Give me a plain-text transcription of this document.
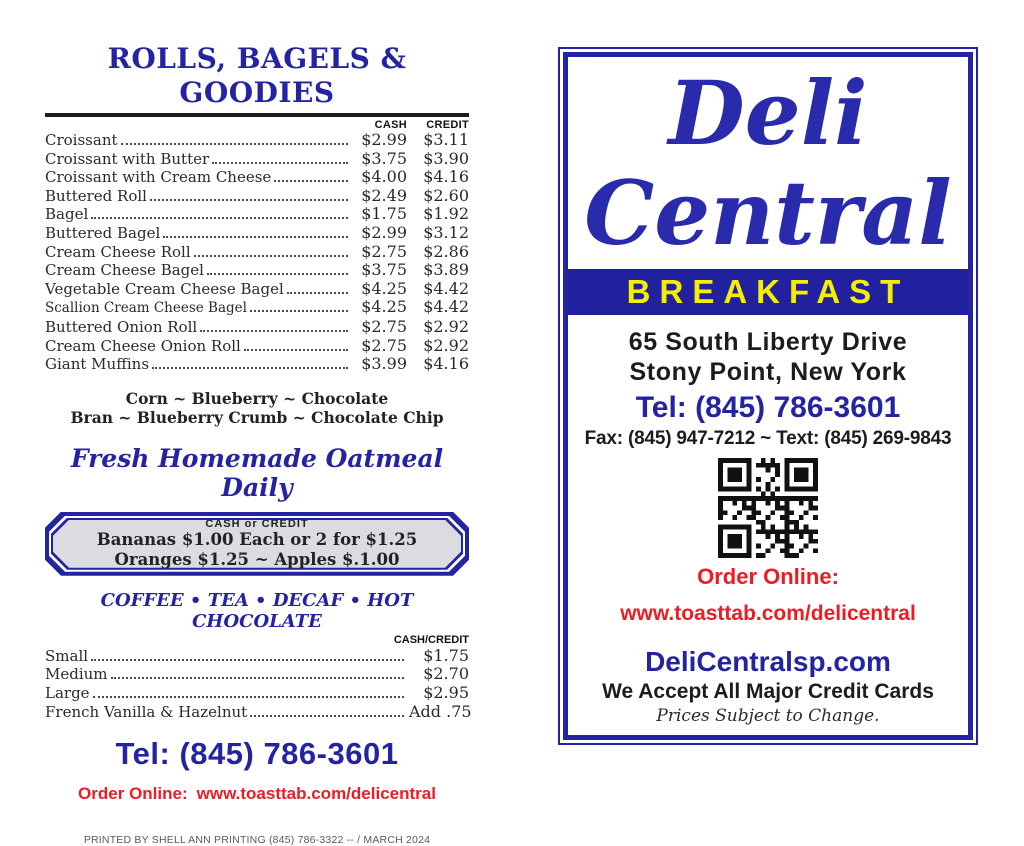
ROLLS, BAGELS & GOODIES
CASH	CREDIT
Croissant	$2.99	$3.11
Croissant with Butter	$3.75	$3.90
Croissant with Cream Cheese	$4.00	$4.16
Buttered Roll	$2.49	$2.60
Bagel	$1.75	$1.92
Buttered Bagel	$2.99	$3.12
Cream Cheese Roll	$2.75	$2.86
Cream Cheese Bagel	$3.75	$3.89
Vegetable Cream Cheese Bagel	$4.25	$4.42
Scallion Cream Cheese Bagel	$4.25	$4.42
Buttered Onion Roll	$2.75	$2.92
Cream Cheese Onion Roll	$2.75	$2.92
Giant Muffins	$3.99	$4.16
Corn ~ Blueberry ~ Chocolate
Bran ~ Blueberry Crumb ~ Chocolate Chip
Fresh Homemade Oatmeal Daily
CASH or CREDIT
Bananas $1.00 Each or 2 for $1.25
Oranges $1.25 ~ Apples $.1.00
COFFEE • TEA • DECAF • HOT CHOCOLATE
CASH/CREDIT
Small	$1.75
Medium	$2.70
Large	$2.95
French Vanilla & Hazelnut	Add .75
Tel: (845) 786-3601
Order Online: www.toasttab.com/delicentral
PRINTED BY SHELL ANN PRINTING (845) 786-3322 -- / MARCH 2024
Deli
Central
BREAKFAST
65 South Liberty Drive
Stony Point, New York
Tel: (845) 786-3601
Fax: (845) 947-7212 ~ Text: (845) 269-9843
Order Online:
www.toasttab.com/delicentral
DeliCentralsp.com
We Accept All Major Credit Cards
Prices Subject to Change.
